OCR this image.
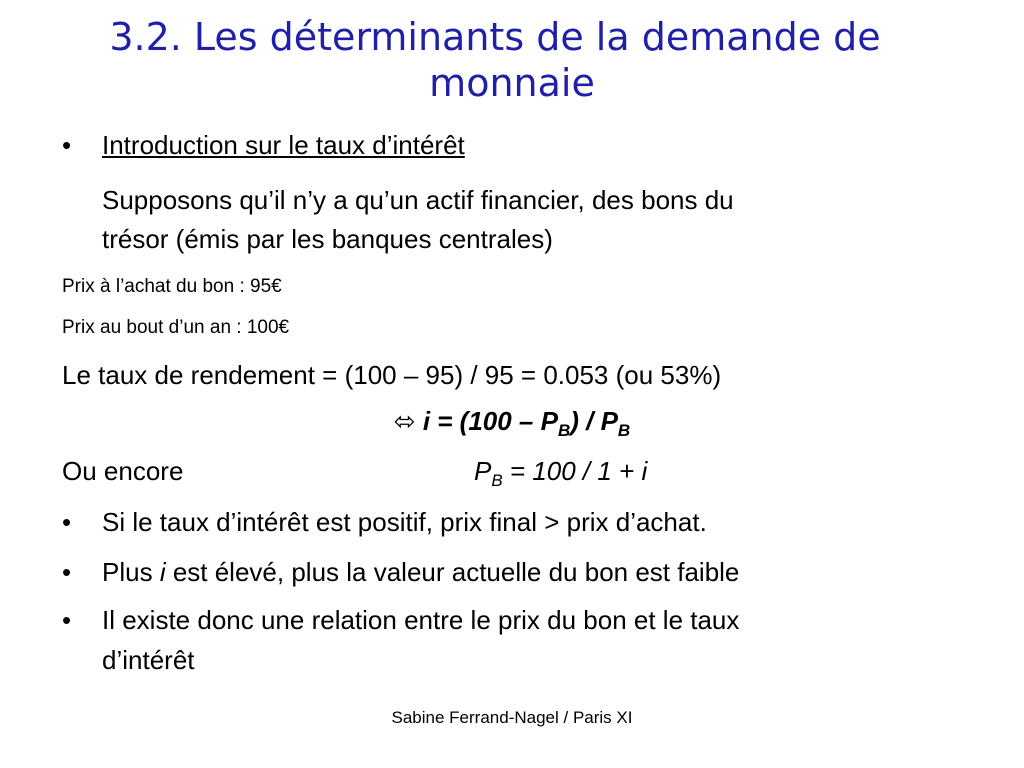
3.2. Les déterminants de la demande de
monnaie
• Introduction sur le taux d’intérêt
Supposons qu’il n’y a qu’un actif financier, des bons du
trésor (émis par les banques centrales)
Prix à l’achat du bon : 95€
Prix au bout d’un an : 100€
Le taux de rendement = (100 – 95) / 95 = 0.053 (ou 53%)
⬄ $i = (100 - P_B) / P_B$
Ou encore	$P_B = 100 / 1 + i$
• Si le taux d’intérêt est positif, prix final > prix d’achat.
• Plus i est élevé, plus la valeur actuelle du bon est faible
• Il existe donc une relation entre le prix du bon et le taux
d’intérêt
Sabine Ferrand-Nagel / Paris XI
